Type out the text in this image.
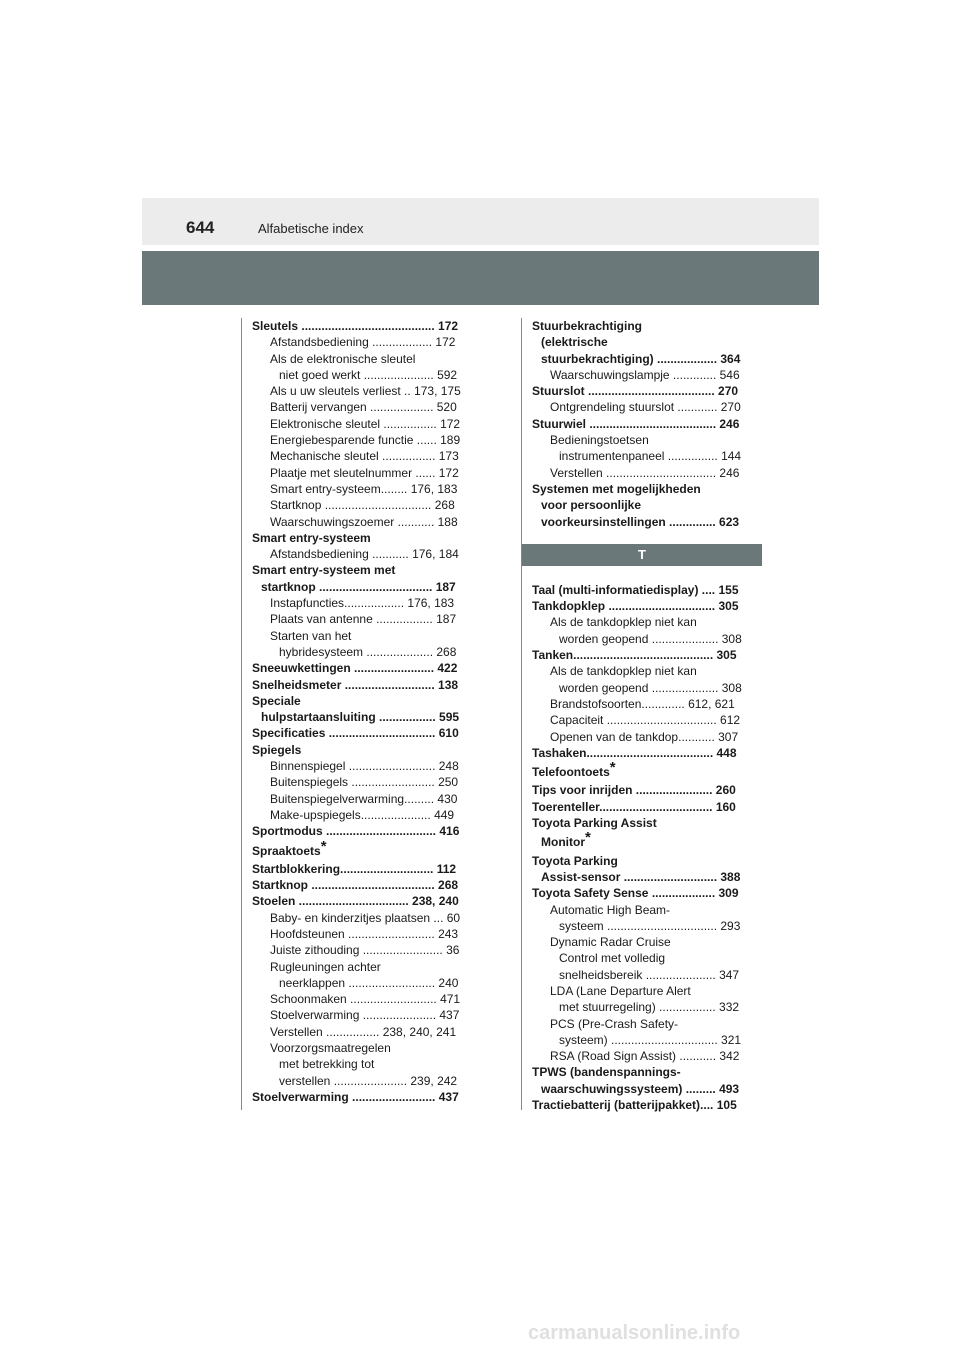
644	Alfabetische index
Sleutels ........................................ 172
Afstandsbediening .................. 172
Als de elektronische sleutel
niet goed werkt ..................... 592
Als u uw sleutels verliest .. 173, 175
Batterij vervangen ................... 520
Elektronische sleutel ................ 172
Energiebesparende functie ...... 189
Mechanische sleutel ................ 173
Plaatje met sleutelnummer ...... 172
Smart entry-systeem........ 176, 183
Startknop ................................ 268
Waarschuwingszoemer ........... 188
Smart entry-systeem
Afstandsbediening ........... 176, 184
Smart entry-systeem met
startknop .................................. 187
Instapfuncties.................. 176, 183
Plaats van antenne ................. 187
Starten van het
hybridesysteem .................... 268
Sneeuwkettingen ........................ 422
Snelheidsmeter ........................... 138
Speciale
hulpstartaansluiting ................. 595
Specificaties ................................ 610
Spiegels
Binnenspiegel .......................... 248
Buitenspiegels ......................... 250
Buitenspiegelverwarming......... 430
Make-upspiegels..................... 449
Sportmodus ................................. 416
Spraaktoets*
Startblokkering............................ 112
Startknop ..................................... 268
Stoelen ................................. 238, 240
Baby- en kinderzitjes plaatsen ... 60
Hoofdsteunen .......................... 243
Juiste zithouding ........................ 36
Rugleuningen achter
neerklappen .......................... 240
Schoonmaken .......................... 471
Stoelverwarming ...................... 437
Verstellen ................ 238, 240, 241
Voorzorgsmaatregelen
met betrekking tot
verstellen ...................... 239, 242
Stoelverwarming ......................... 437
Stuurbekrachtiging
(elektrische
stuurbekrachtiging) .................. 364
Waarschuwingslampje ............. 546
Stuurslot ...................................... 270
Ontgrendeling stuurslot ............ 270
Stuurwiel ...................................... 246
Bedieningstoetsen
instrumentenpaneel ............... 144
Verstellen ................................. 246
Systemen met mogelijkheden
voor persoonlijke
voorkeursinstellingen .............. 623
T
Taal (multi-informatiedisplay) .... 155
Tankdopklep ................................ 305
Als de tankdopklep niet kan
worden geopend .................... 308
Tanken.......................................... 305
Als de tankdopklep niet kan
worden geopend .................... 308
Brandstofsoorten............. 612, 621
Capaciteit ................................. 612
Openen van de tankdop........... 307
Tashaken...................................... 448
Telefoontoets*
Tips voor inrijden ....................... 260
Toerenteller.................................. 160
Toyota Parking Assist
Monitor*
Toyota Parking
Assist-sensor ............................ 388
Toyota Safety Sense ................... 309
Automatic High Beam-
systeem ................................. 293
Dynamic Radar Cruise
Control met volledig
snelheidsbereik ..................... 347
LDA (Lane Departure Alert
met stuurregeling) ................. 332
PCS (Pre-Crash Safety-
systeem) ................................ 321
RSA (Road Sign Assist) ........... 342
TPWS (bandenspannings-
waarschuwingssysteem) ......... 493
Tractiebatterij (batterijpakket).... 105
carmanualsonline.info
